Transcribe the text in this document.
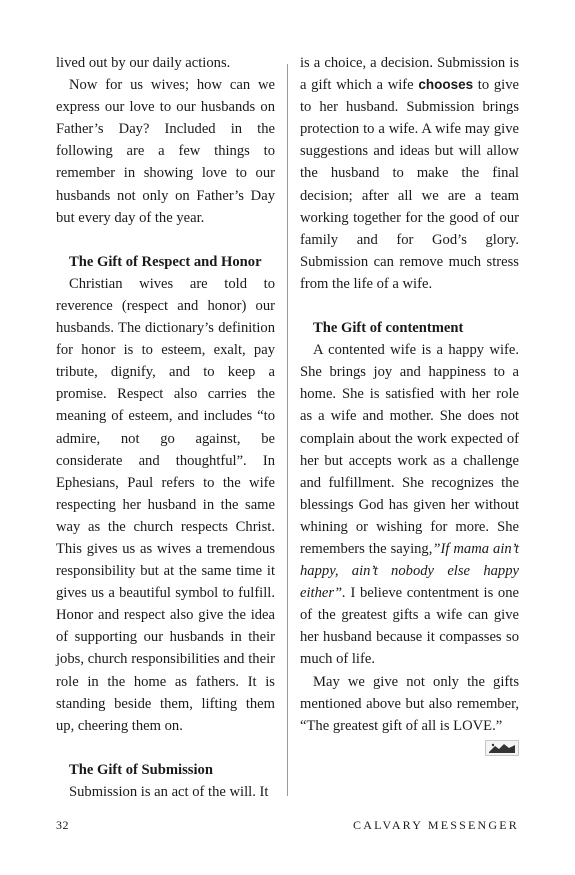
lived out by our daily actions.

Now for us wives; how can we express our love to our husbands on Father’s Day? Included in the following are a few things to remember in showing love to our husbands not only on Father’s Day but every day of the year.

The Gift of Respect and Honor

Christian wives are told to reverence (respect and honor) our husbands. The dictionary’s definition for honor is to esteem, exalt, pay tribute, dignify, and to keep a promise. Respect also carries the meaning of esteem, and includes “to admire, not go against, be considerate and thoughtful”. In Ephesians, Paul refers to the wife respecting her husband in the same way as the church respects Christ. This gives us as wives a tremendous responsibility but at the same time it gives us a beautiful symbol to fulfill. Honor and respect also give the idea of supporting our husbands in their jobs, church responsibilities and their role in the home as fathers. It is standing beside them, lifting them up, cheering them on.

The Gift of Submission

Submission is an act of the will. It

is a choice, a decision. Submission is a gift which a wife chooses to give to her husband. Submission brings protection to a wife. A wife may give suggestions and ideas but will allow the husband to make the final decision; after all we are a team working together for the good of our family and for God’s glory. Submission can remove much stress from the life of a wife.

The Gift of contentment

A contented wife is a happy wife. She brings joy and happiness to a home. She is satisfied with her role as a wife and mother. She does not complain about the work expected of her but accepts work as a challenge and fulfillment. She recognizes the blessings God has given her without whining or wishing for more. She remembers the saying,”If mama ain’t happy, ain’t nobody else happy either”. I believe contentment is one of the greatest gifts a wife can give her husband because it compasses so much of life.

May we give not only the gifts mentioned above but also remember, “The greatest gift of all is LOVE.”

32	CALVARY MESSENGER
